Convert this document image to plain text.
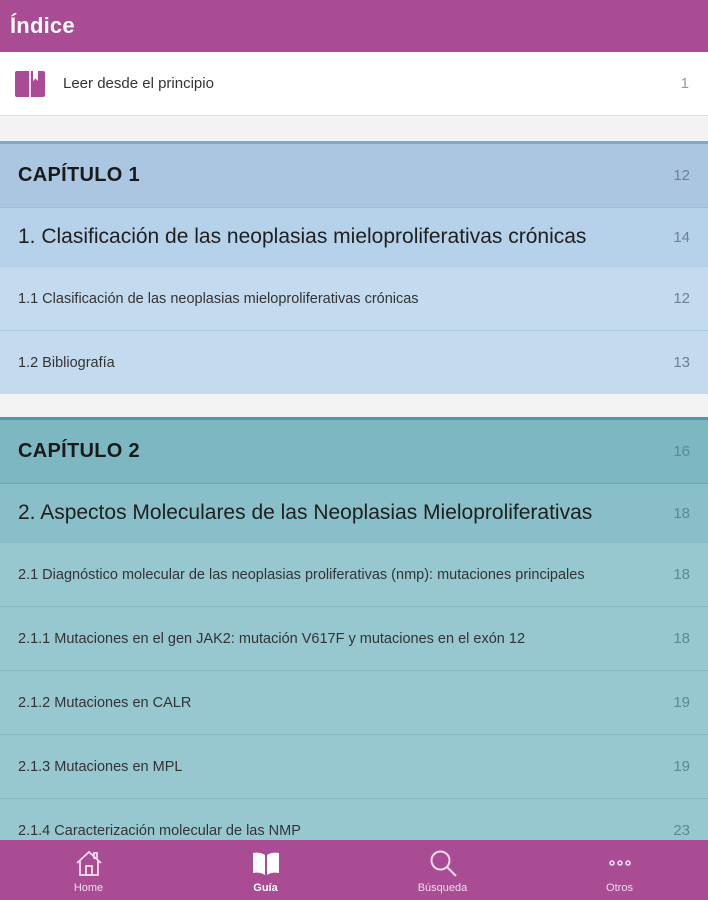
Índice
Leer desde el principio	1
CAPÍTULO 1	12
1. Clasificación de las neoplasias mieloproliferativas crónicas	14
1.1 Clasificación de las neoplasias mieloproliferativas crónicas	12
1.2 Bibliografía	13
CAPÍTULO 2	16
2. Aspectos Moleculares de las Neoplasias Mieloproliferativas	18
2.1 Diagnóstico molecular de las neoplasias proliferativas (nmp): mutaciones principales	18
2.1.1 Mutaciones en el gen JAK2: mutación V617F y mutaciones en el exón 12	18
2.1.2 Mutaciones en CALR	19
2.1.3 Mutaciones en MPL	19
2.1.4 Caracterización molecular de las NMP	23
Home	Guía	Búsqueda	Otros
